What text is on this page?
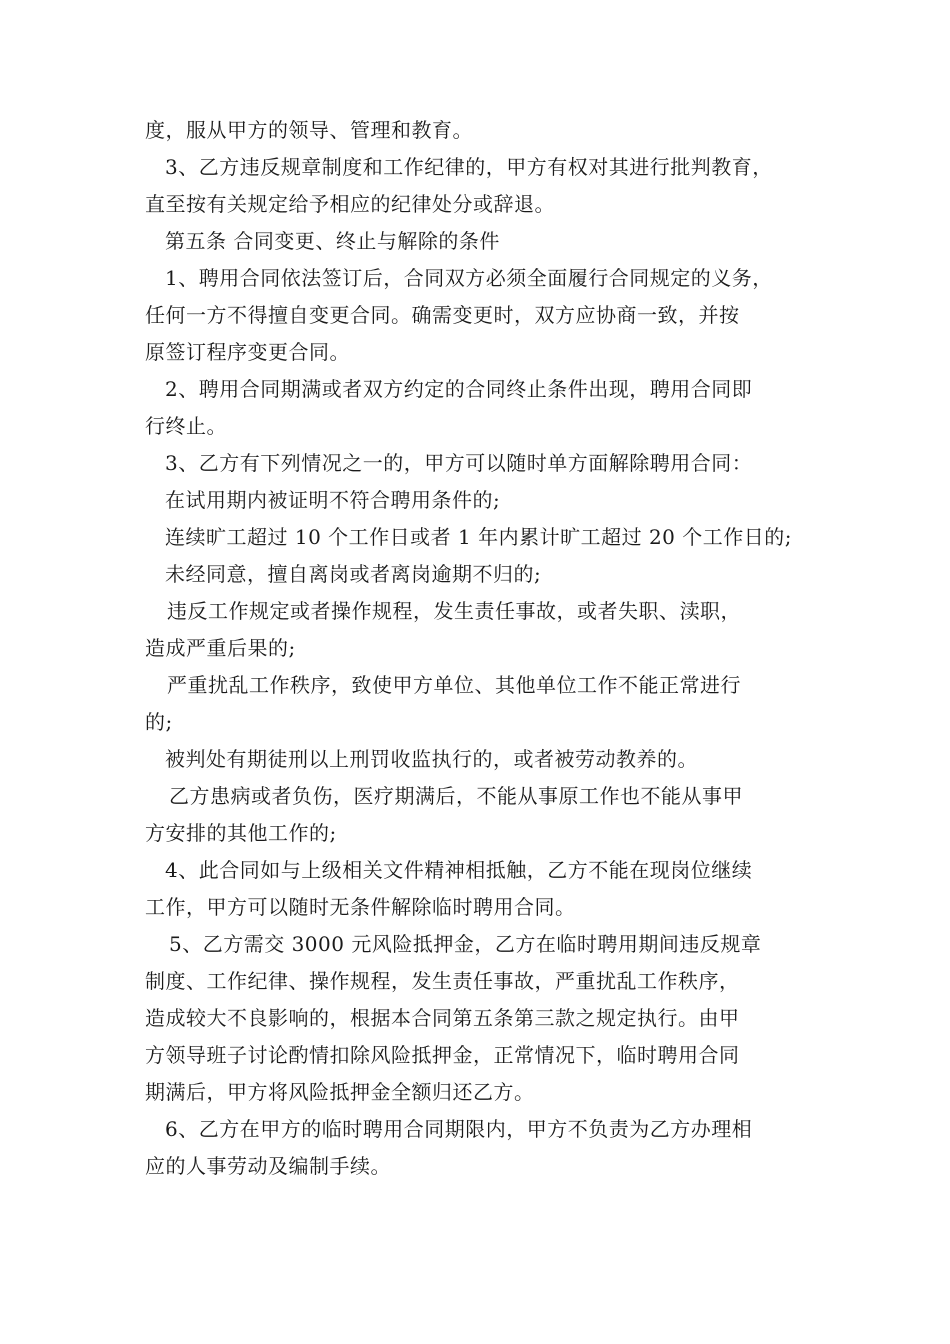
度，服从甲方的领导、管理和教育。
3、乙方违反规章制度和工作纪律的，甲方有权对其进行批判教育，
直至按有关规定给予相应的纪律处分或辞退。
第五条 合同变更、终止与解除的条件
1、聘用合同依法签订后，合同双方必须全面履行合同规定的义务，
任何一方不得擅自变更合同。确需变更时，双方应协商一致，并按
原签订程序变更合同。
2、聘用合同期满或者双方约定的合同终止条件出现，聘用合同即
行终止。
3、乙方有下列情况之一的，甲方可以随时单方面解除聘用合同：
在试用期内被证明不符合聘用条件的;
连续旷工超过 10 个工作日或者 1 年内累计旷工超过 20 个工作日的;
未经同意，擅自离岗或者离岗逾期不归的;
违反工作规定或者操作规程，发生责任事故，或者失职、渎职，
造成严重后果的;
严重扰乱工作秩序，致使甲方单位、其他单位工作不能正常进行
的;
被判处有期徒刑以上刑罚收监执行的，或者被劳动教养的。
乙方患病或者负伤，医疗期满后，不能从事原工作也不能从事甲
方安排的其他工作的;
4、此合同如与上级相关文件精神相抵触，乙方不能在现岗位继续
工作，甲方可以随时无条件解除临时聘用合同。
5、乙方需交 3000 元风险抵押金，乙方在临时聘用期间违反规章
制度、工作纪律、操作规程，发生责任事故，严重扰乱工作秩序，
造成较大不良影响的，根据本合同第五条第三款之规定执行。由甲
方领导班子讨论酌情扣除风险抵押金，正常情况下，临时聘用合同
期满后，甲方将风险抵押金全额归还乙方。
6、乙方在甲方的临时聘用合同期限内，甲方不负责为乙方办理相
应的人事劳动及编制手续。
